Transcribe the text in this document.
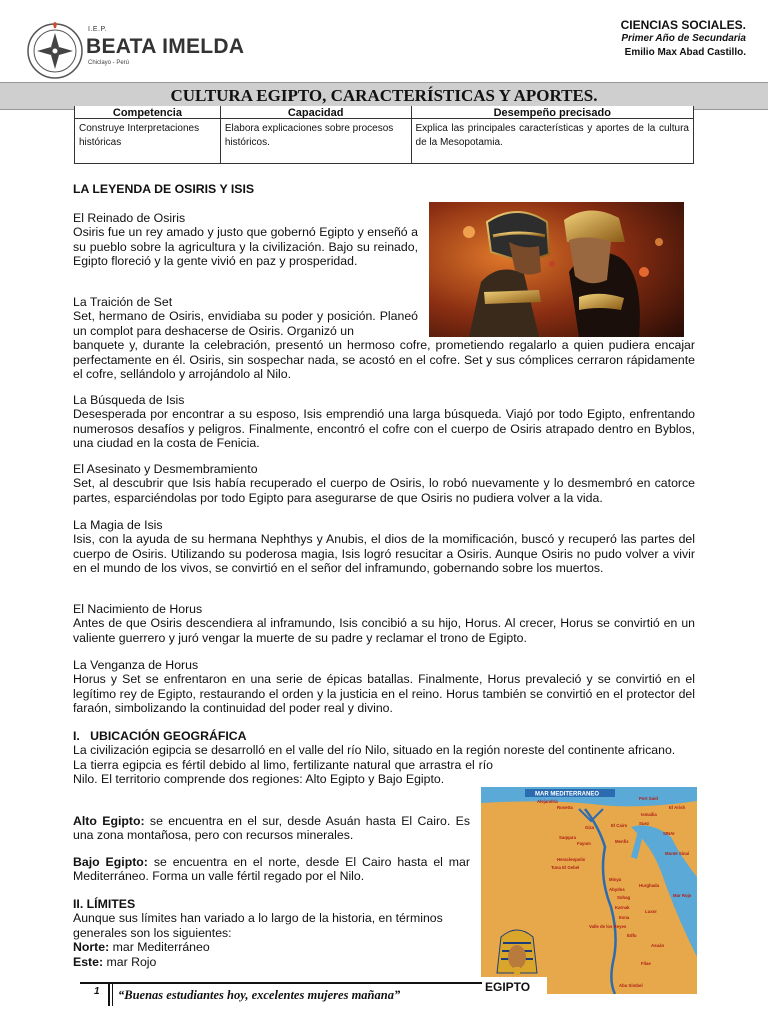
I.E.P.
BEATA IMELDA
Chiclayo - Perú
CIENCIAS SOCIALES.
Primer Año de Secundaria
Emilio Max Abad Castillo.
CULTURA EGIPTO, CARACTERÍSTICAS Y APORTES.
Competencia	Capacidad	Desempeño precisado
Construye Interpretaciones históricas	Elabora explicaciones sobre procesos históricos.	Explica las principales características y aportes de la cultura de la Mesopotamia.
LA LEYENDA DE OSIRIS Y ISIS
El Reinado de Osiris
Osiris fue un rey amado y justo que gobernó Egipto y enseñó a su pueblo sobre la agricultura y la civilización. Bajo su reinado, Egipto floreció y la gente vivió en paz y prosperidad.
La Traición de Set
Set, hermano de Osiris, envidiaba su poder y posición. Planeó un complot para deshacerse de Osiris. Organizó un
banquete y, durante la celebración, presentó un hermoso cofre, prometiendo regalarlo a quien pudiera encajar perfectamente en él. Osiris, sin sospechar nada, se acostó en el cofre. Set y sus cómplices cerraron rápidamente el cofre, sellándolo y arrojándolo al Nilo.
La Búsqueda de Isis
Desesperada por encontrar a su esposo, Isis emprendió una larga búsqueda. Viajó por todo Egipto, enfrentando numerosos desafíos y peligros. Finalmente, encontró el cofre con el cuerpo de Osiris atrapado dentro en Byblos, una ciudad en la costa de Fenicia.
El Asesinato y Desmembramiento
Set, al descubrir que Isis había recuperado el cuerpo de Osiris, lo robó nuevamente y lo desmembró en catorce partes, esparciéndolas por todo Egipto para asegurarse de que Osiris no pudiera volver a la vida.
La Magia de Isis
Isis, con la ayuda de su hermana Nephthys y Anubis, el dios de la momificación, buscó y recuperó las partes del cuerpo de Osiris. Utilizando su poderosa magia, Isis logró resucitar a Osiris. Aunque Osiris no pudo volver a vivir en el mundo de los vivos, se convirtió en el señor del inframundo, gobernando sobre los muertos.
El Nacimiento de Horus
Antes de que Osiris descendiera al inframundo, Isis concibió a su hijo, Horus. Al crecer, Horus se convirtió en un valiente guerrero y juró vengar la muerte de su padre y reclamar el trono de Egipto.
La Venganza de Horus
Horus y Set se enfrentaron en una serie de épicas batallas. Finalmente, Horus prevaleció y se convirtió en el legítimo rey de Egipto, restaurando el orden y la justicia en el reino. Horus también se convirtió en el protector del faraón, simbolizando la continuidad del poder real y divino.
I.   UBICACIÓN GEOGRÁFICA
La civilización egipcia se desarrolló en el valle del río Nilo, situado en la región noreste del continente africano.
La tierra egipcia es fértil debido al limo, fertilizante natural que arrastra el río Nilo. El territorio comprende dos regiones: Alto Egipto y Bajo Egipto.
Alto Egipto: se encuentra en el sur, desde Asuán hasta El Cairo. Es una zona montañosa, pero con recursos minerales.
Bajo Egipto: se encuentra en el norte, desde El Cairo hasta el mar Mediterráneo. Forma un valle fértil regado por el Nilo.
II. LÍMITES
Aunque sus límites han variado a lo largo de la historia, en términos generales son los siguientes:
Norte: mar Mediterráneo
Este: mar Rojo
MAR MEDITERRANEO
Alejandría
Rosetta
Port Said
El Arish
Ismailia
Giza	El Cairo	Suez
SINAI
Saqqara
Fayum	Menfis
Monte Sinaí
Heracleopolis
Tuna El Gebel
Minya
Hurghada
Abydos
Sohag
Karnak
Luxor
Esna
Valle de los Reyes
Edfu
Asuán
Filae
Abu Simbel
Mar Rojo
EGIPTO
1 “Buenas estudiantes hoy, excelentes mujeres mañana”
